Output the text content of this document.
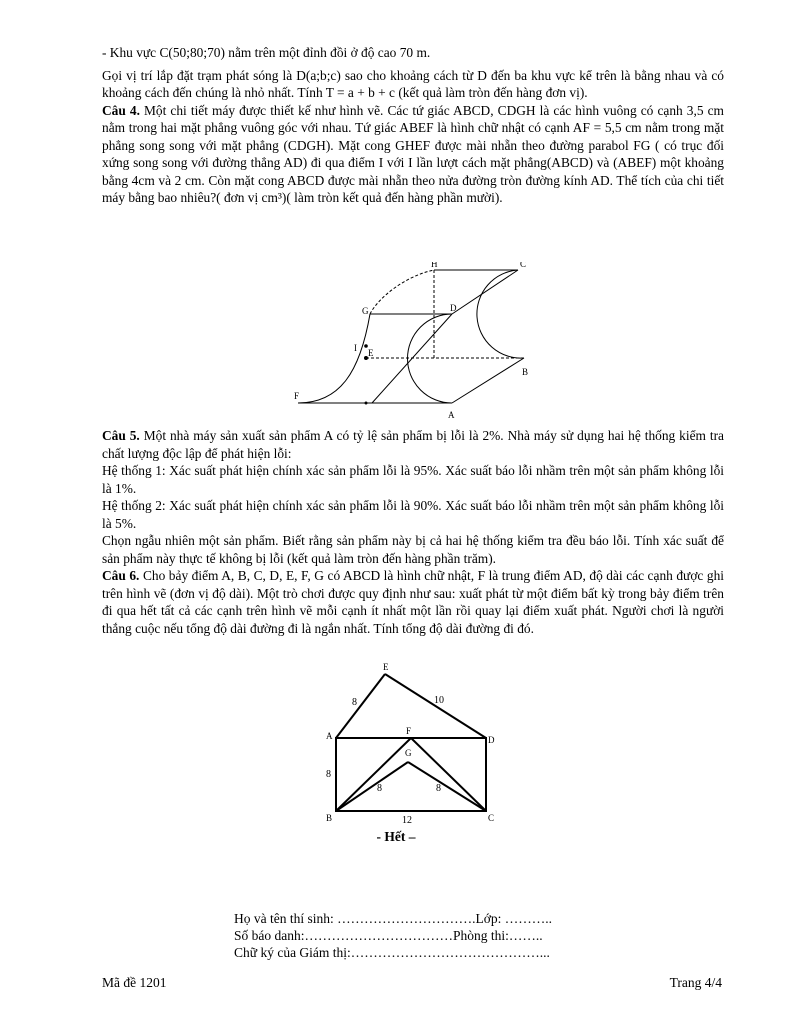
- Khu vực C(50;80;70) nằm trên một đỉnh đồi ở độ cao 70 m.

Gọi vị trí lắp đặt trạm phát sóng là D(a;b;c) sao cho khoảng cách từ D đến ba khu vực kể trên là bằng nhau và có khoảng cách đến chúng là nhỏ nhất. Tính T = a + b + c (kết quả làm tròn đến hàng đơn vị).

Câu 4. Một chi tiết máy được thiết kế như hình vẽ. Các tứ giác ABCD, CDGH là các hình vuông có cạnh 3,5 cm nằm trong hai mặt phẳng vuông góc với nhau. Tứ giác ABEF là hình chữ nhật có cạnh AF = 5,5 cm nằm trong mặt phẳng song song với mặt phẳng (CDGH). Mặt cong GHEF được mài nhẵn theo đường parabol FG ( có trục đối xứng song song với đường thẳng AD) đi qua điểm I với I lần lượt cách mặt phẳng(ABCD) và (ABEF) một khoảng bằng 4cm và 2 cm. Còn mặt cong ABCD được mài nhẵn theo nửa đường tròn đường kính AD. Thể tích của chi tiết máy bằng bao nhiêu?( đơn vị cm³)( làm tròn kết quả đến hàng phần mười).

H	C
G	D
I E
B
F
A

Câu 5. Một nhà máy sản xuất sản phẩm A có tỷ lệ sản phẩm bị lỗi là 2%. Nhà máy sử dụng hai hệ thống kiểm tra chất lượng độc lập để phát hiện lỗi:

Hệ thống 1: Xác suất phát hiện chính xác sản phẩm lỗi là 95%. Xác suất báo lỗi nhầm trên một sản phẩm không lỗi là 1%.

Hệ thống 2: Xác suất phát hiện chính xác sản phẩm lỗi là 90%. Xác suất báo lỗi nhầm trên một sản phẩm không lỗi là 5%.

Chọn ngẫu nhiên một sản phẩm. Biết rằng sản phẩm này bị cả hai hệ thống kiểm tra đều báo lỗi. Tính xác suất để sản phẩm này thực tế không bị lỗi (kết quả làm tròn đến hàng phần trăm).

Câu 6. Cho bảy điểm A, B, C, D, E, F, G có ABCD là hình chữ nhật, F là trung điểm AD, độ dài các cạnh được ghi trên hình vẽ (đơn vị độ dài). Một trò chơi được quy định như sau: xuất phát từ một điểm bất kỳ trong bảy điểm trên đi qua hết tất cả các cạnh trên hình vẽ mỗi cạnh ít nhất một lần rồi quay lại điểm xuất phát. Người chơi là người thắng cuộc nếu tổng độ dài đường đi là ngắn nhất. Tính tổng độ dài đường đi đó.

E
A	F
D
G
B	C
8	10
8
8	8
12
- Hết –
Họ và tên thí sinh: ………………………….Lớp: ………..
Số báo danh:……………………………Phòng thi:……..
Chữ ký của Giám thị:……………………………………...
Mã đề 1201	Trang 4/4
